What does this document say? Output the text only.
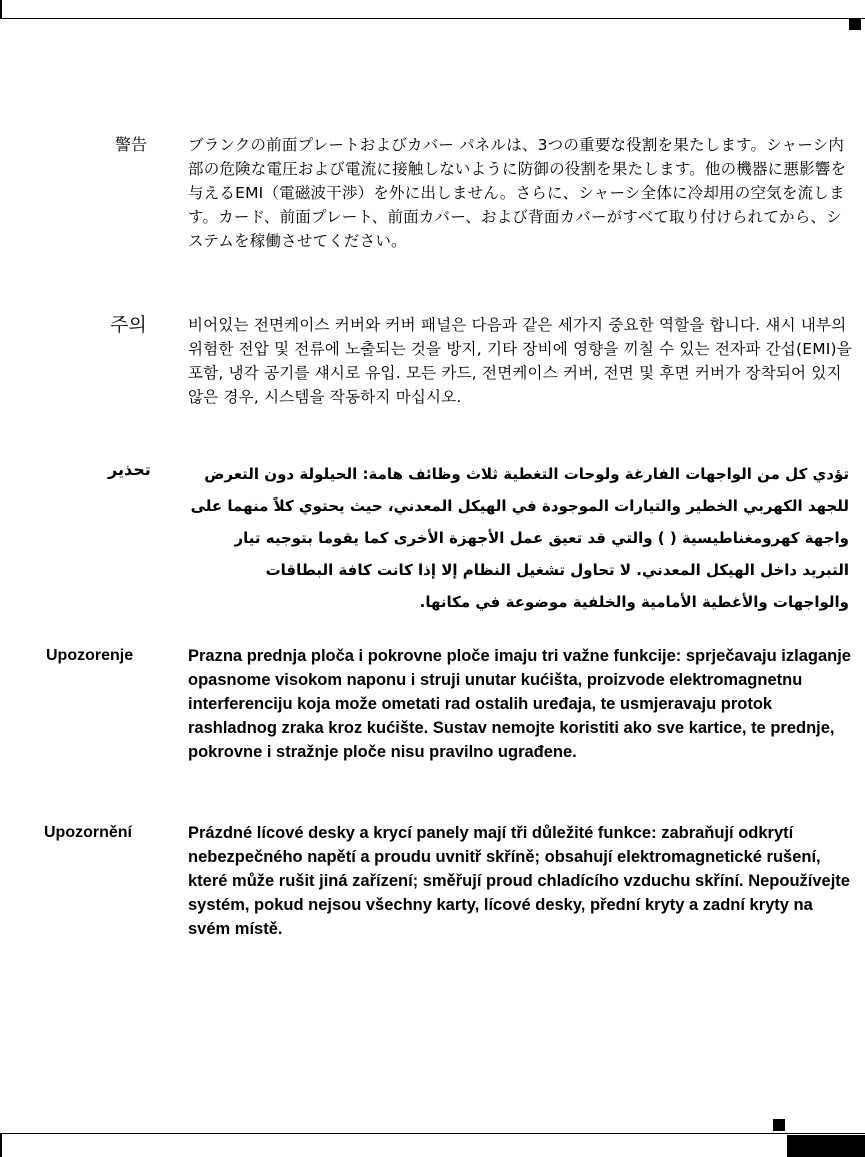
警告	ブランクの前面プレートおよびカバー パネルは、3つの重要な役割を果たします。シャーシ内部の危険な電圧および電流に接触しないように防御の役割を果たします。他の機器に悪影響を与えるEMI（電磁波干渉）を外に出しません。さらに、シャーシ全体に冷却用の空気を流します。カード、前面プレート、前面カバー、および背面カバーがすべて取り付けられてから、システムを稼働させてください。

주의	비어있는 전면케이스 커버와 커버 패널은 다음과 같은 세가지 중요한 역할을 합니다. 섀시 내부의 위험한 전압 및 전류에 노출되는 것을 방지, 기타 장비에 영향을 끼칠 수 있는 전자파 간섭(EMI)을 포함, 냉각 공기를 섀시로 유입. 모든 카드, 전면케이스 커버, 전면 및 후면 커버가 장착되어 있지 않은 경우, 시스템을 작동하지 마십시오.

تحذير	تؤدي كل من الواجهات الفارغة ولوحات التغطية ثلاث وظائف هامة: الحيلولة دون التعرض للجهد الكهربي الخطير والتيارات الموجودة في الهيكل المعدني، حيث يحتوي كلاً منهما على واجهة كهرومغناطيسية ( ) والتي قد تعيق عمل الأجهزة الأخرى كما يقوما بتوجيه تيار التبريد داخل الهيكل المعدني. لا تحاول تشغيل النظام إلا إذا كانت كافة البطاقات والواجهات والأغطية الأمامية والخلفية موضوعة في مكانها.

Upozorenje	Prazna prednja ploča i pokrovne ploče imaju tri važne funkcije: sprječavaju izlaganje opasnome visokom naponu i struji unutar kućišta, proizvode elektromagnetnu interferenciju koja može ometati rad ostalih uređaja, te usmjeravaju protok rashladnog zraka kroz kućište. Sustav nemojte koristiti ako sve kartice, te prednje, pokrovne i stražnje ploče nisu pravilno ugrađene.

Upozornění	Prázdné lícové desky a krycí panely mají tři důležité funkce: zabraňují odkrytí nebezpečného napětí a proudu uvnitř skříně; obsahují elektromagnetické rušení, které může rušit jiná zařízení; směřují proud chladícího vzduchu skříní. Nepoužívejte systém, pokud nejsou všechny karty, lícové desky, přední kryty a zadní kryty na svém místě.
